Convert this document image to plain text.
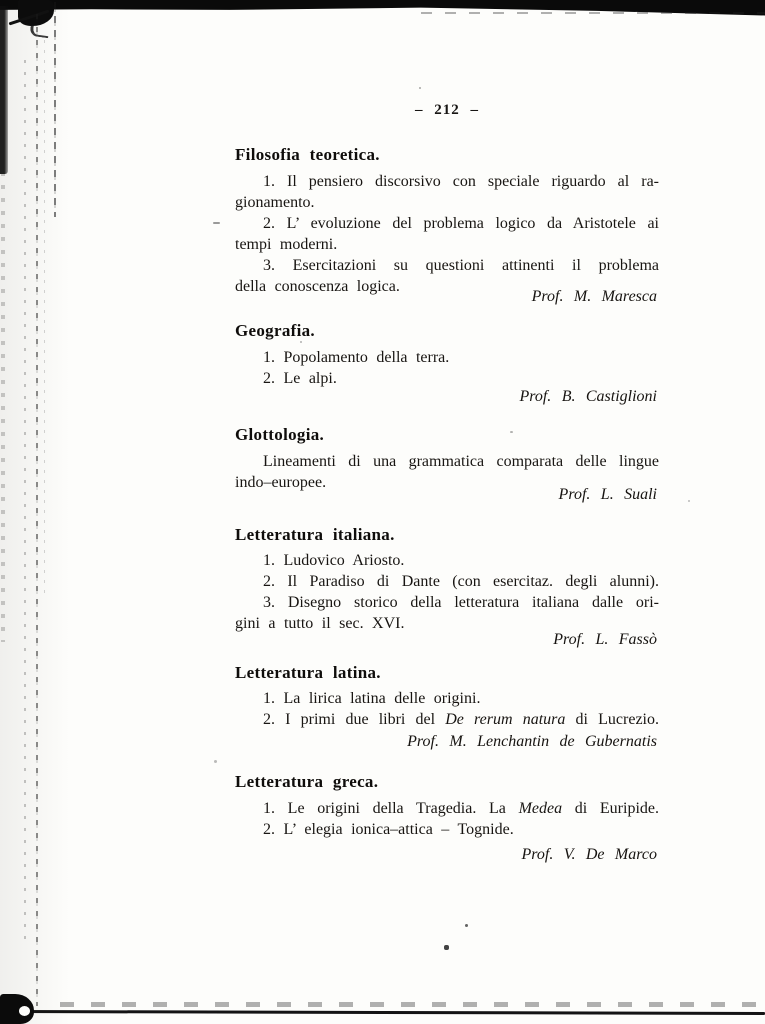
– 212 –
Filosofia teoretica.
1. Il pensiero discorsivo con speciale riguardo al ra-
gionamento.
2. L’ evoluzione del problema logico da Aristotele ai
tempi moderni.
3. Esercitazioni su questioni attinenti il problema
della conoscenza logica.
Prof. M. Maresca
Geografia.
1. Popolamento della terra.
2. Le alpi.
Prof. B. Castiglioni
Glottologia.
Lineamenti di una grammatica comparata delle lingue
indo–europee.
Prof. L. Suali
Letteratura italiana.
1. Ludovico Ariosto.
2. Il Paradiso di Dante (con esercitaz. degli alunni).
3. Disegno storico della letteratura italiana dalle ori-
gini a tutto il sec. XVI.
Prof. L. Fassò
Letteratura latina.
1. La lirica latina delle origini.
2. I primi due libri del De rerum natura di Lucrezio.
Prof. M. Lenchantin de Gubernatis
Letteratura greca.
1. Le origini della Tragedia. La Medea di Euripide.
2. L’ elegia ionica–attica – Tognide.
Prof. V. De Marco
